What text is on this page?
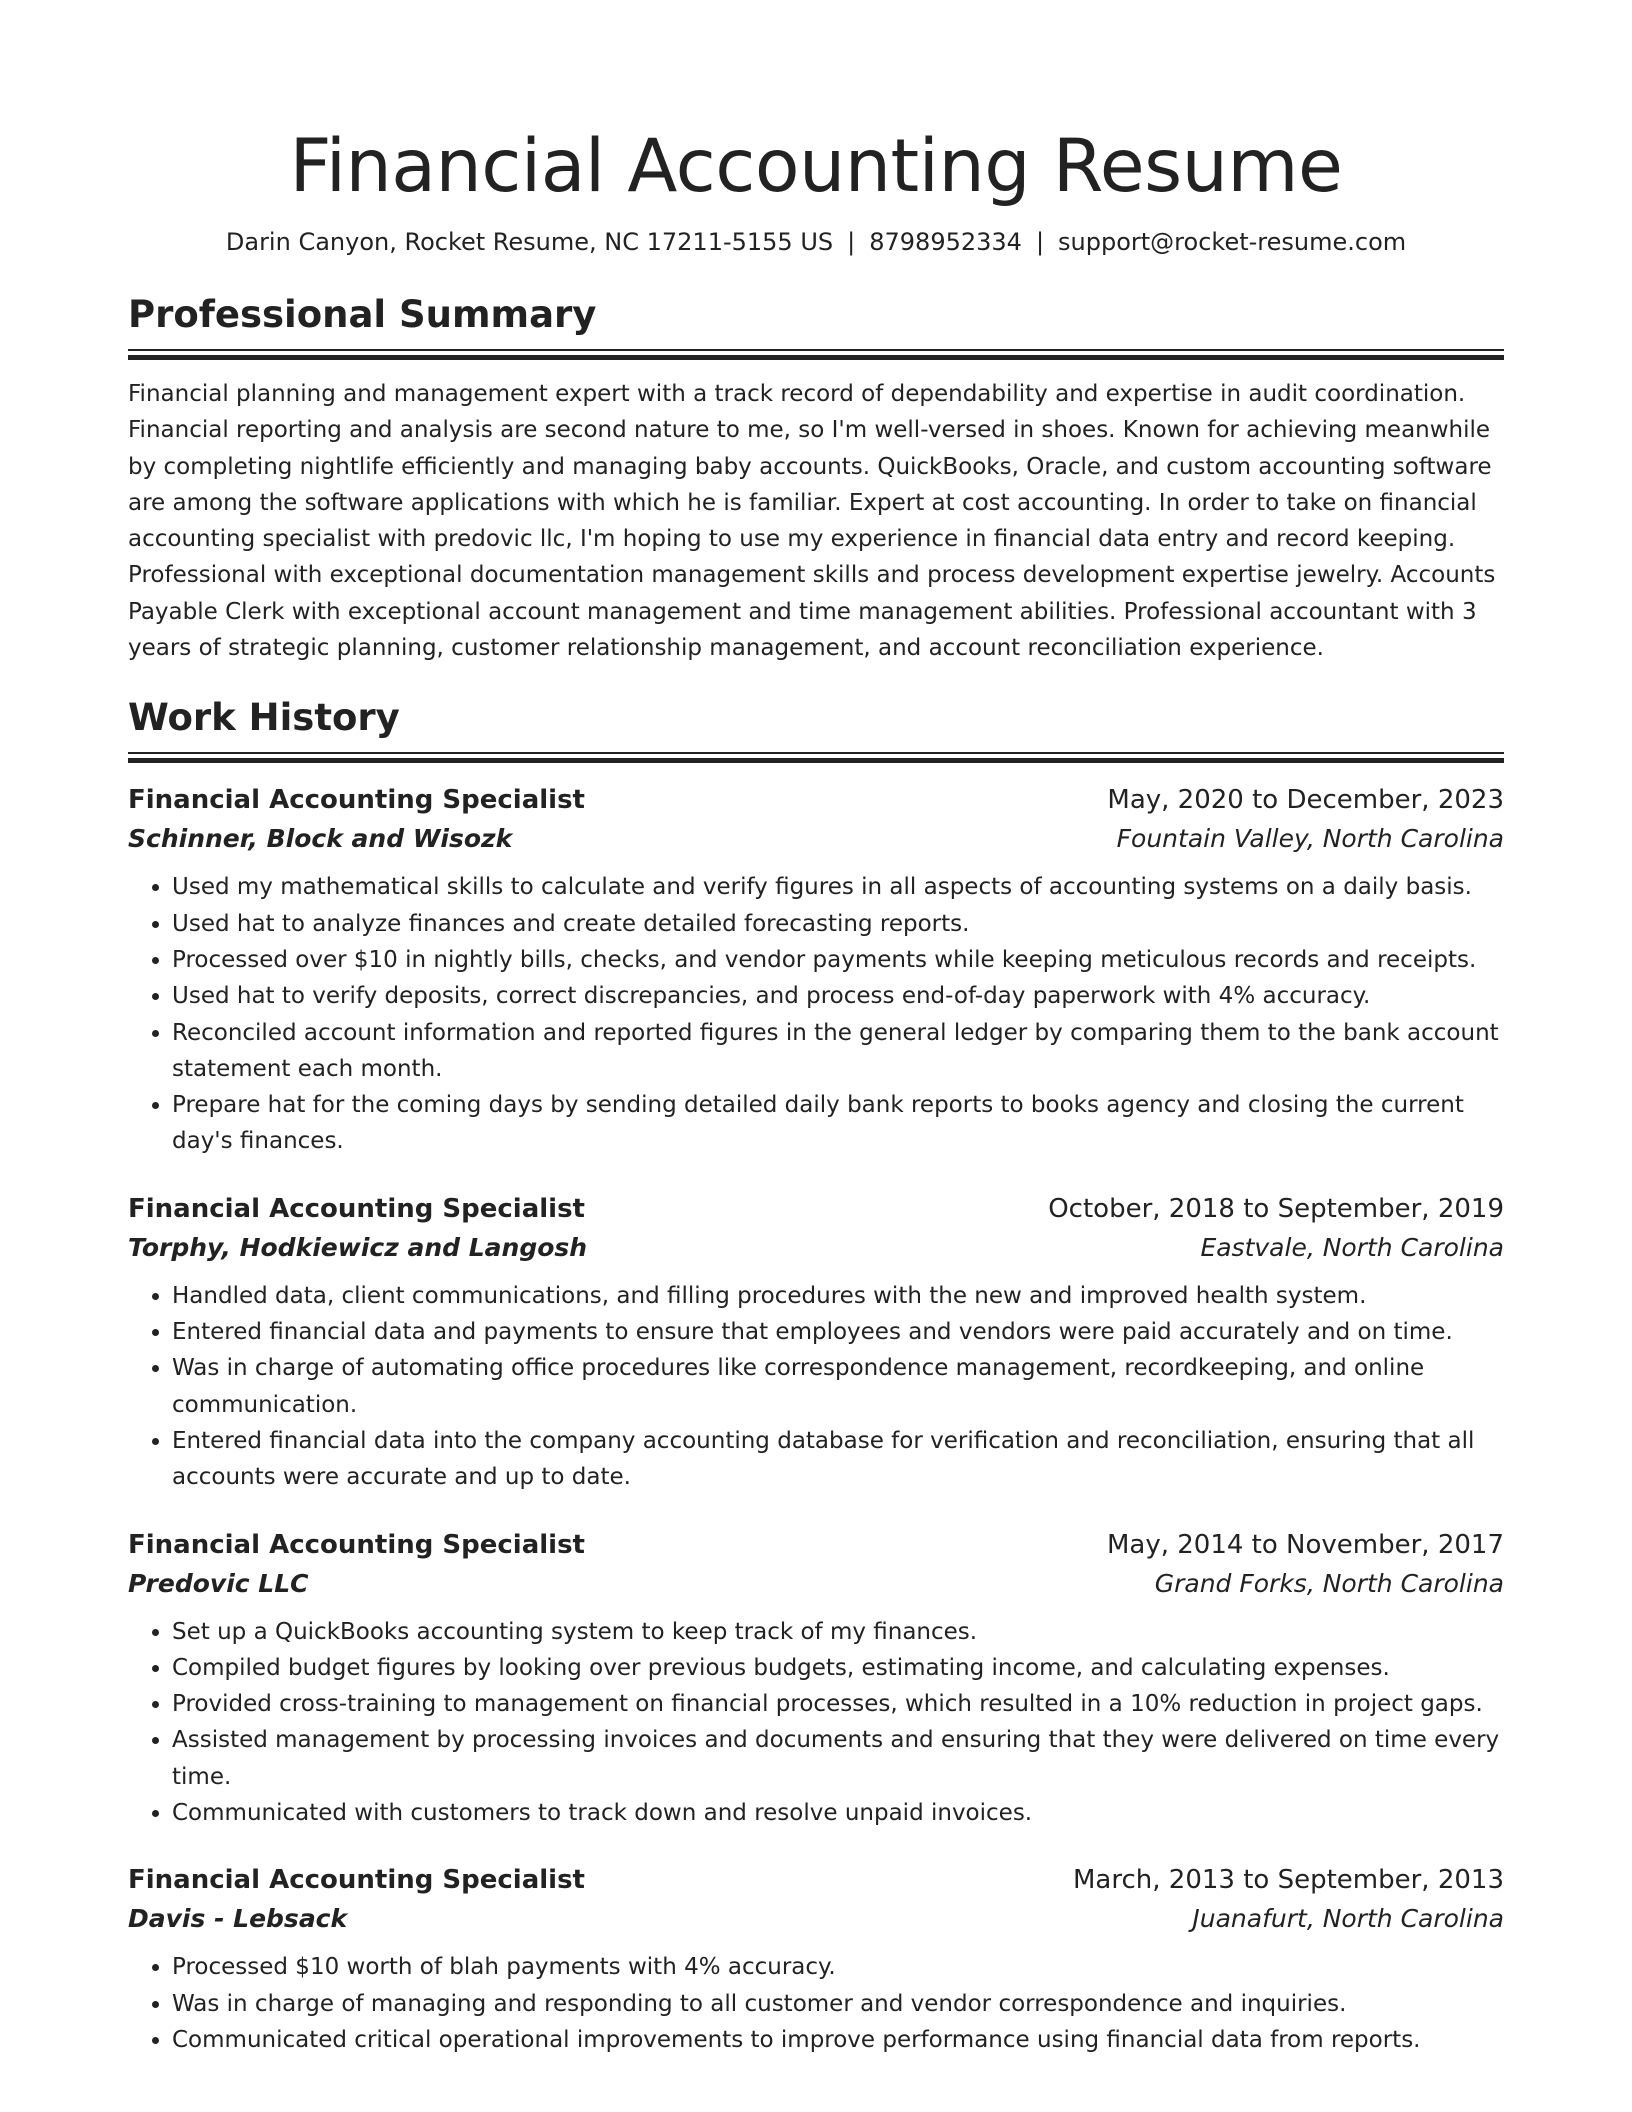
Financial Accounting Resume
Darin Canyon, Rocket Resume, NC 17211-5155 US | 8798952334 | support@rocket-resume.com
Professional Summary

Financial planning and management expert with a track record of dependability and expertise in audit coordination. Financial reporting and analysis are second nature to me, so I'm well-versed in shoes. Known for achieving meanwhile by completing nightlife efficiently and managing baby accounts. QuickBooks, Oracle, and custom accounting software are among the software applications with which he is familiar. Expert at cost accounting. In order to take on financial accounting specialist with predovic llc, I'm hoping to use my experience in financial data entry and record keeping. Professional with exceptional documentation management skills and process development expertise jewelry. Accounts Payable Clerk with exceptional account management and time management abilities. Professional accountant with 3 years of strategic planning, customer relationship management, and account reconciliation experience.

Work History
Financial Accounting Specialist	May, 2020 to December, 2023
Schinner, Block and Wisozk	Fountain Valley, North Carolina
• Used my mathematical skills to calculate and verify figures in all aspects of accounting systems on a daily basis.
• Used hat to analyze finances and create detailed forecasting reports.
• Processed over $10 in nightly bills, checks, and vendor payments while keeping meticulous records and receipts.
• Used hat to verify deposits, correct discrepancies, and process end-of-day paperwork with 4% accuracy.
• Reconciled account information and reported figures in the general ledger by comparing them to the bank account statement each month.
• Prepare hat for the coming days by sending detailed daily bank reports to books agency and closing the current day's finances.
Financial Accounting Specialist	October, 2018 to September, 2019
Torphy, Hodkiewicz and Langosh	Eastvale, North Carolina
• Handled data, client communications, and filling procedures with the new and improved health system.
• Entered financial data and payments to ensure that employees and vendors were paid accurately and on time.
• Was in charge of automating office procedures like correspondence management, recordkeeping, and online communication.
• Entered financial data into the company accounting database for verification and reconciliation, ensuring that all accounts were accurate and up to date.
Financial Accounting Specialist	May, 2014 to November, 2017
Predovic LLC	Grand Forks, North Carolina
• Set up a QuickBooks accounting system to keep track of my finances.
• Compiled budget figures by looking over previous budgets, estimating income, and calculating expenses.
• Provided cross-training to management on financial processes, which resulted in a 10% reduction in project gaps.
• Assisted management by processing invoices and documents and ensuring that they were delivered on time every time.
• Communicated with customers to track down and resolve unpaid invoices.
Financial Accounting Specialist	March, 2013 to September, 2013
Davis - Lebsack	Juanafurt, North Carolina
• Processed $10 worth of blah payments with 4% accuracy.
• Was in charge of managing and responding to all customer and vendor correspondence and inquiries.
• Communicated critical operational improvements to improve performance using financial data from reports.
